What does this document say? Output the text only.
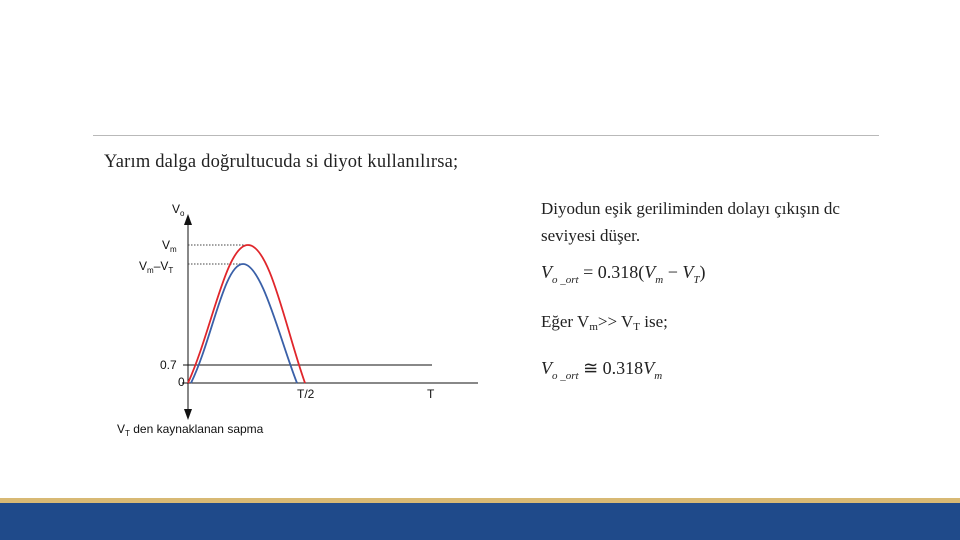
Yarım dalga doğrultucuda si diyot kullanılırsa;
$V_o$
$V_m$
$V_m-V_T$
0.7
0
T/2	T
$V_T$ den kaynaklanan sapma
Diyodun eşik geriliminden dolayı çıkışın dc seviyesi düşer.
$V_{o \_ort} = 0.318(V_m - V_T)$
Eğer Vm>> VT ise;
$V_{o \_ort}$ ≅ $0.318V_m$
